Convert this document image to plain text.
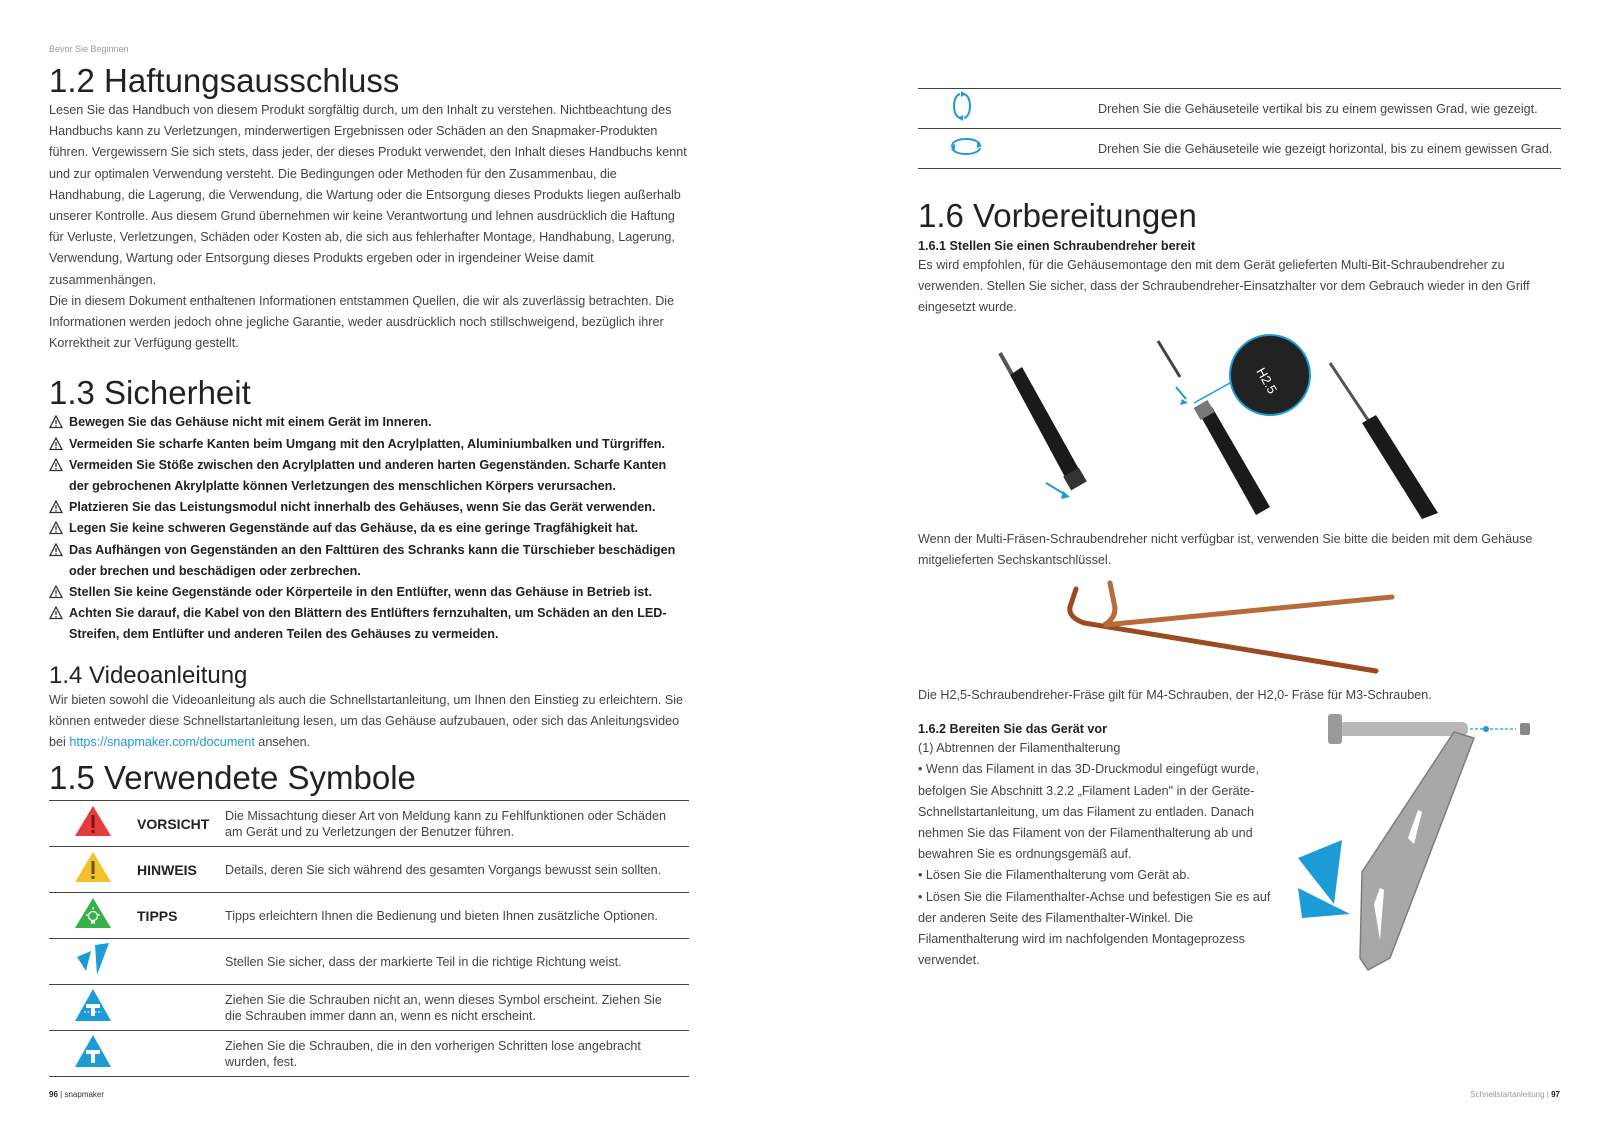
Bevor Sie Beginnen
1.2 Haftungsausschluss

Lesen Sie das Handbuch von diesem Produkt sorgfältig durch, um den Inhalt zu verstehen. Nichtbeachtung des Handbuchs kann zu Verletzungen, minderwertigen Ergebnissen oder Schäden an den Snapmaker-Produkten führen. Vergewissern Sie sich stets, dass jeder, der dieses Produkt verwendet, den Inhalt dieses Handbuchs kennt und zur optimalen Verwendung versteht. Die Bedingungen oder Methoden für den Zusammenbau, die Handhabung, die Lagerung, die Verwendung, die Wartung oder die Entsorgung dieses Produkts liegen außerhalb unserer Kontrolle. Aus diesem Grund übernehmen wir keine Verantwortung und lehnen ausdrücklich die Haftung für Verluste, Verletzungen, Schäden oder Kosten ab, die sich aus fehlerhafter Montage, Handhabung, Lagerung, Verwendung, Wartung oder Entsorgung dieses Produkts ergeben oder in irgendeiner Weise damit zusammenhängen.

Die in diesem Dokument enthaltenen Informationen entstammen Quellen, die wir als zuverlässig betrachten. Die Informationen werden jedoch ohne jegliche Garantie, weder ausdrücklich noch stillschweigend, bezüglich ihrer Korrektheit zur Verfügung gestellt.

1.3 Sicherheit
Bewegen Sie das Gehäuse nicht mit einem Gerät im Inneren.
Vermeiden Sie scharfe Kanten beim Umgang mit den Acrylplatten, Aluminiumbalken und Türgriffen.
Vermeiden Sie Stöße zwischen den Acrylplatten und anderen harten Gegenständen. Scharfe Kanten der gebrochenen Akrylplatte können Verletzungen des menschlichen Körpers verursachen.
Platzieren Sie das Leistungsmodul nicht innerhalb des Gehäuses, wenn Sie das Gerät verwenden.
Legen Sie keine schweren Gegenstände auf das Gehäuse, da es eine geringe Tragfähigkeit hat.
Das Aufhängen von Gegenständen an den Falttüren des Schranks kann die Türschieber beschädigen oder brechen und beschädigen oder zerbrechen.
Stellen Sie keine Gegenstände oder Körperteile in den Entlüfter, wenn das Gehäuse in Betrieb ist.
Achten Sie darauf, die Kabel von den Blättern des Entlüfters fernzuhalten, um Schäden an den LED-Streifen, dem Entlüfter und anderen Teilen des Gehäuses zu vermeiden.
1.4 Videoanleitung

Wir bieten sowohl die Videoanleitung als auch die Schnellstartanleitung, um Ihnen den Einstieg zu erleichtern. Sie können entweder diese Schnellstartanleitung lesen, um das Gehäuse aufzubauen, oder sich das Anleitungsvideo bei https://snapmaker.com/document ansehen.

1.5 Verwendete Symbole
	VORSICHT	Die Missachtung dieser Art von Meldung kann zu Fehlfunktionen oder Schäden am Gerät und zu Verletzungen der Benutzer führen.
	HINWEIS	Details, deren Sie sich während des gesamten Vorgangs bewusst sein sollten.
	TIPPS	Tipps erleichtern Ihnen die Bedienung und bieten Ihnen zusätzliche Optionen.
		Stellen Sie sicher, dass der markierte Teil in die richtige Richtung weist.
		Ziehen Sie die Schrauben nicht an, wenn dieses Symbol erscheint. Ziehen Sie die Schrauben immer dann an, wenn es nicht erscheint.
		Ziehen Sie die Schrauben, die in den vorherigen Schritten lose angebracht wurden, fest.
	Drehen Sie die Gehäuseteile vertikal bis zu einem gewissen Grad, wie gezeigt.
	Drehen Sie die Gehäuseteile wie gezeigt horizontal, bis zu einem gewissen Grad.
1.6 Vorbereitungen
1.6.1 Stellen Sie einen Schraubendreher bereit

Es wird empfohlen, für die Gehäusemontage den mit dem Gerät gelieferten Multi-Bit-Schraubendreher zu verwenden. Stellen Sie sicher, dass der Schraubendreher-Einsatzhalter vor dem Gebrauch wieder in den Griff eingesetzt wurde.

H2.5

Wenn der Multi-Fräsen-Schraubendreher nicht verfügbar ist, verwenden Sie bitte die beiden mit dem Gehäuse mitgelieferten Sechskantschlüssel.

Die H2,5-Schraubendreher-Fräse gilt für M4-Schrauben, der H2,0- Fräse für M3-Schrauben.

1.6.2 Bereiten Sie das Gerät vor

(1) Abtrennen der Filamenthalterung

• Wenn das Filament in das 3D-Druckmodul eingefügt wurde, befolgen Sie Abschnitt 3.2.2 „Filament Laden" in der Geräte-Schnellstartanleitung, um das Filament zu entladen. Danach nehmen Sie das Filament von der Filamenthalterung ab und bewahren Sie es ordnungsgemäß auf.

• Lösen Sie die Filamenthalterung vom Gerät ab.

• Lösen Sie die Filamenthalter-Achse und befestigen Sie es auf der anderen Seite des Filamenthalter-Winkel. Die Filamenthalterung wird im nachfolgenden Montageprozess verwendet.

96 | snapmaker	Schnellstartanleitung | 97
